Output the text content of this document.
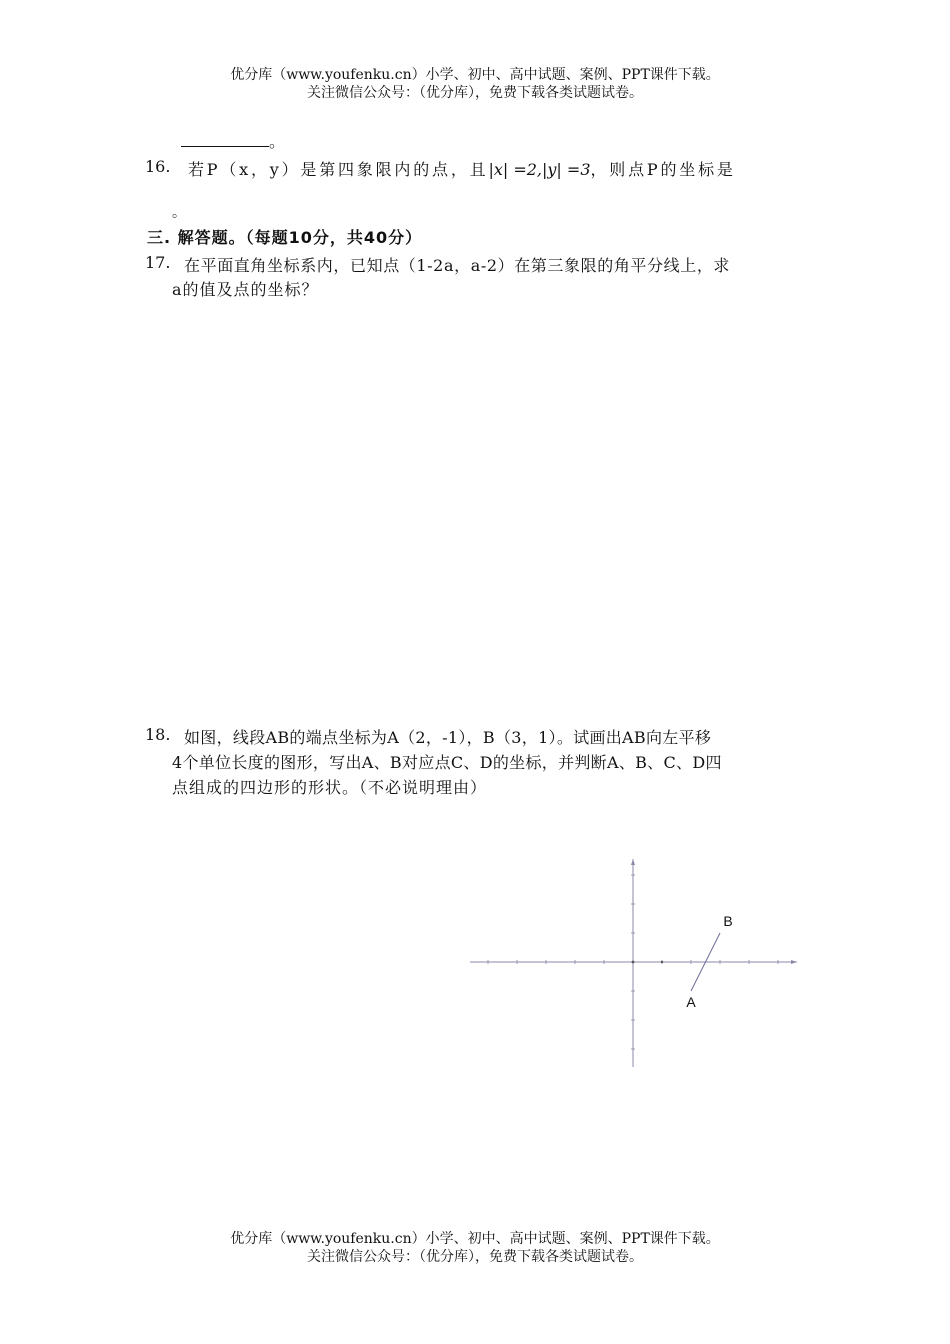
优分库（www.youfenku.cn）小学、初中、高中试题、案例、PPT课件下载。
关注微信公众号：（优分库），免费下载各类试题试卷。
。
16. 若P（x，y）是第四象限内的点，且|x| =2,|y| =3，则点P的坐标是
。
三. 解答题。（每题10分，共40分）
17. 在平面直角坐标系内，已知点（1-2a，a-2）在第三象限的角平分线上，求
a的值及点的坐标？
18. 如图，线段AB的端点坐标为A（2，-1），B（3，1）。试画出AB向左平移
4个单位长度的图形，写出A、B对应点C、D的坐标，并判断A、B、C、D四
点组成的四边形的形状。（不必说明理由）
A
B
优分库（www.youfenku.cn）小学、初中、高中试题、案例、PPT课件下载。
关注微信公众号：（优分库），免费下载各类试题试卷。
